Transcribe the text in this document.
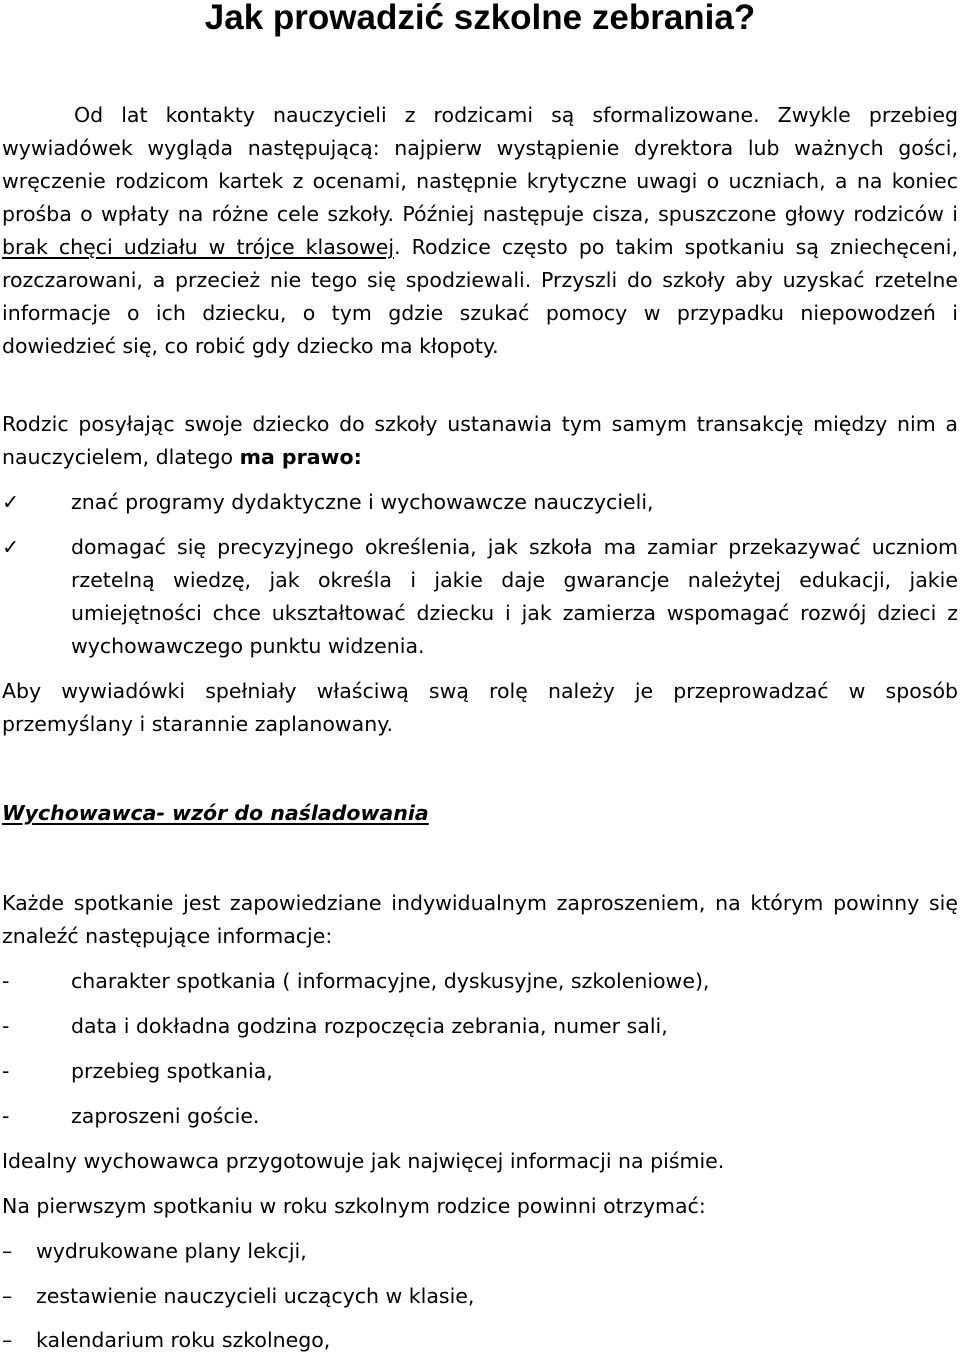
Jak prowadzić szkolne zebrania?

Od lat kontakty nauczycieli z rodzicami są sformalizowane. Zwykle przebieg wywiadówek wygląda następującą: najpierw wystąpienie dyrektora lub ważnych gości, wręczenie rodzicom kartek z ocenami, następnie krytyczne uwagi o uczniach, a na koniec prośba o wpłaty na różne cele szkoły. Później następuje cisza, spuszczone głowy rodziców i brak chęci udziału w trójce klasowej. Rodzice często po takim spotkaniu są zniechęceni, rozczarowani, a przecież nie tego się spodziewali. Przyszli do szkoły aby uzyskać rzetelne informacje o ich dziecku, o tym gdzie szukać pomocy w przypadku niepowodzeń i dowiedzieć się, co robić gdy dziecko ma kłopoty.

Rodzic posyłając swoje dziecko do szkoły ustanawia tym samym transakcję między nim a nauczycielem, dlatego ma prawo:

✓	znać programy dydaktyczne i wychowawcze nauczycieli,
✓	domagać się precyzyjnego określenia, jak szkoła ma zamiar przekazywać uczniom rzetelną wiedzę, jak określa i jakie daje gwarancje należytej edukacji, jakie umiejętności chce ukształtować dziecku i jak zamierza wspomagać rozwój dzieci z wychowawczego punktu widzenia.

Aby wywiadówki spełniały właściwą swą rolę należy je przeprowadzać w sposób przemyślany i starannie zaplanowany.

Wychowawca- wzór do naśladowania

Każde spotkanie jest zapowiedziane indywidualnym zaproszeniem, na którym powinny się znaleźć następujące informacje:

-	charakter spotkania ( informacyjne, dyskusyjne, szkoleniowe),
-	data i dokładna godzina rozpoczęcia zebrania, numer sali,
-	przebieg spotkania,
-	zaproszeni goście.

Idealny wychowawca przygotowuje jak najwięcej informacji na piśmie.

Na pierwszym spotkaniu w roku szkolnym rodzice powinni otrzymać:

– wydrukowane plany lekcji,
– zestawienie nauczycieli uczących w klasie,
– kalendarium roku szkolnego,
